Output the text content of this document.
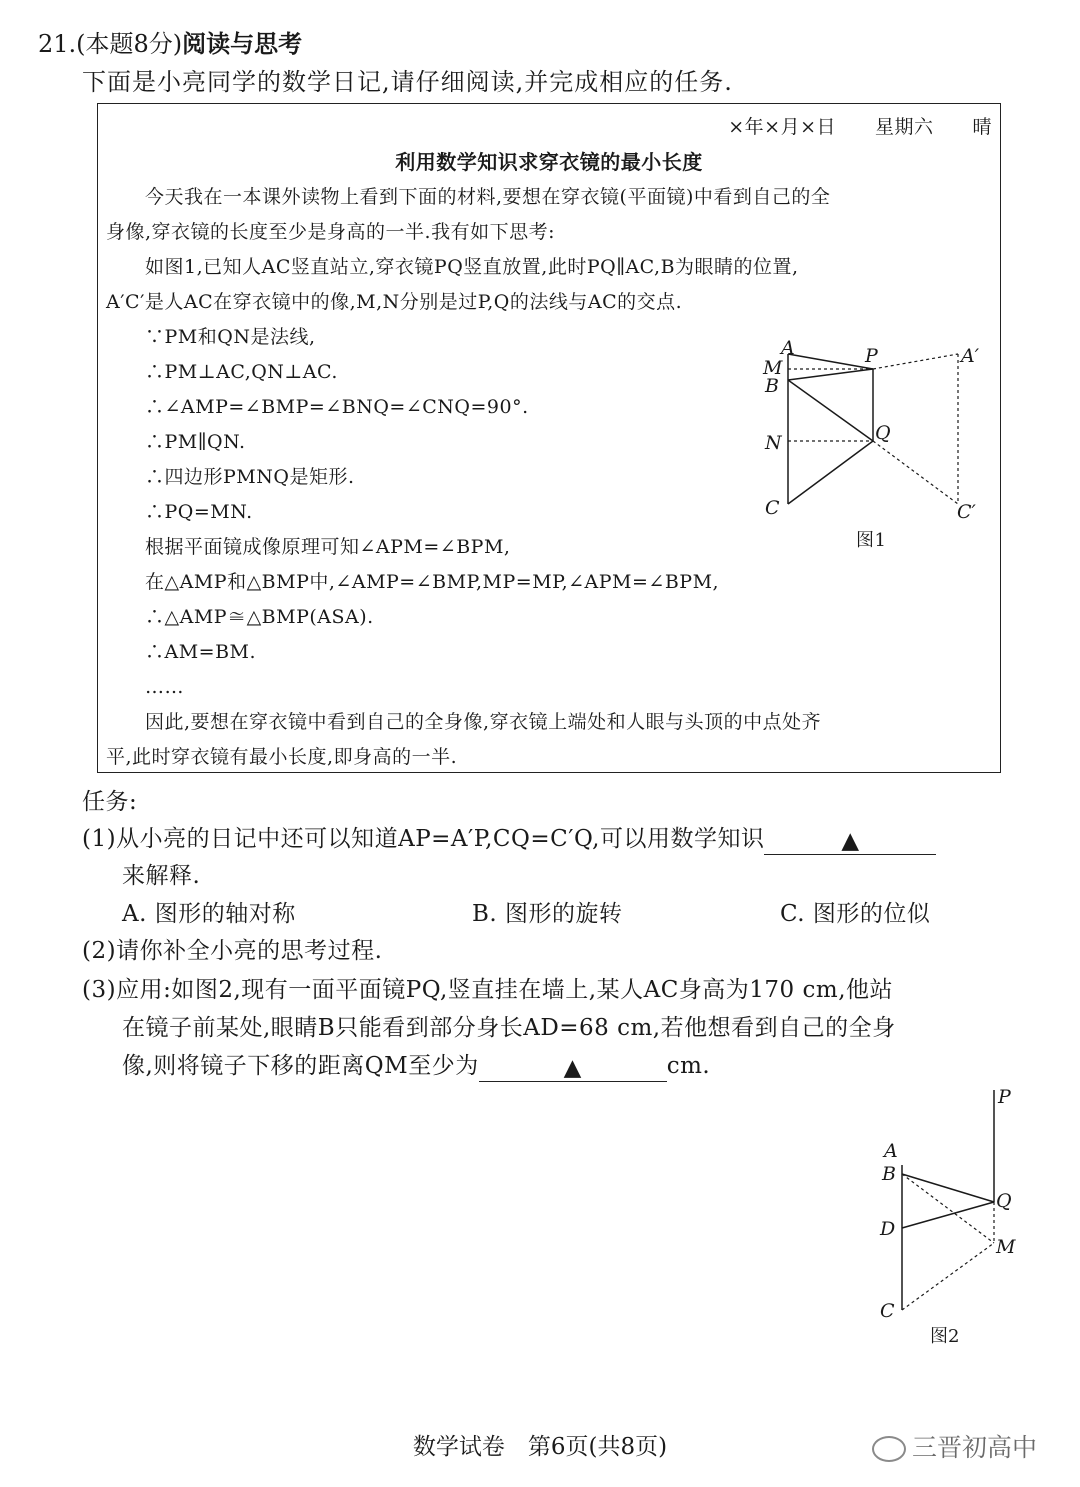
21.(本题8分)阅读与思考
下面是小亮同学的数学日记,请仔细阅读,并完成相应的任务.
×年×月×日　　星期六　　晴
利用数学知识求穿衣镜的最小长度
　　今天我在一本课外读物上看到下面的材料,要想在穿衣镜(平面镜)中看到自己的全
身像,穿衣镜的长度至少是身高的一半.我有如下思考:
　　如图1,已知人AC竖直站立,穿衣镜PQ竖直放置,此时PQ∥AC,B为眼睛的位置,
A′C′是人AC在穿衣镜中的像,M,N分别是过P,Q的法线与AC的交点.
　　∵PM和QN是法线,
　　∴PM⊥AC,QN⊥AC.
　　∴∠AMP=∠BMP=∠BNQ=∠CNQ=90°.
　　∴PM∥QN.
　　∴四边形PMNQ是矩形.
　　∴PQ=MN.
　　根据平面镜成像原理可知∠APM=∠BPM,
　　在△AMP和△BMP中,∠AMP=∠BMP,MP=MP,∠APM=∠BPM,
　　∴△AMP≅△BMP(ASA).
　　∴AM=BM.
　　……
　　因此,要想在穿衣镜中看到自己的全身像,穿衣镜上端处和人眼与头顶的中点处齐
平,此时穿衣镜有最小长度,即身高的一半.
A
M
B
N
C
P
Q
A′
C′
图1
任务:
(1)从小亮的日记中还可以知道AP=A′P,CQ=C′Q,可以用数学知识	▲
来解释.
A. 图形的轴对称	B. 图形的旋转	C. 图形的位似
(2)请你补全小亮的思考过程.
(3)应用:如图2,现有一面平面镜PQ,竖直挂在墙上,某人AC身高为170 cm,他站
在镜子前某处,眼睛B只能看到部分身长AD=68 cm,若他想看到自己的全身
像,则将镜子下移的距离QM至少为	▲	cm.
P
A
B
Q
D
M
C
图2
数学试卷　第6页(共8页)	三晋初高中
